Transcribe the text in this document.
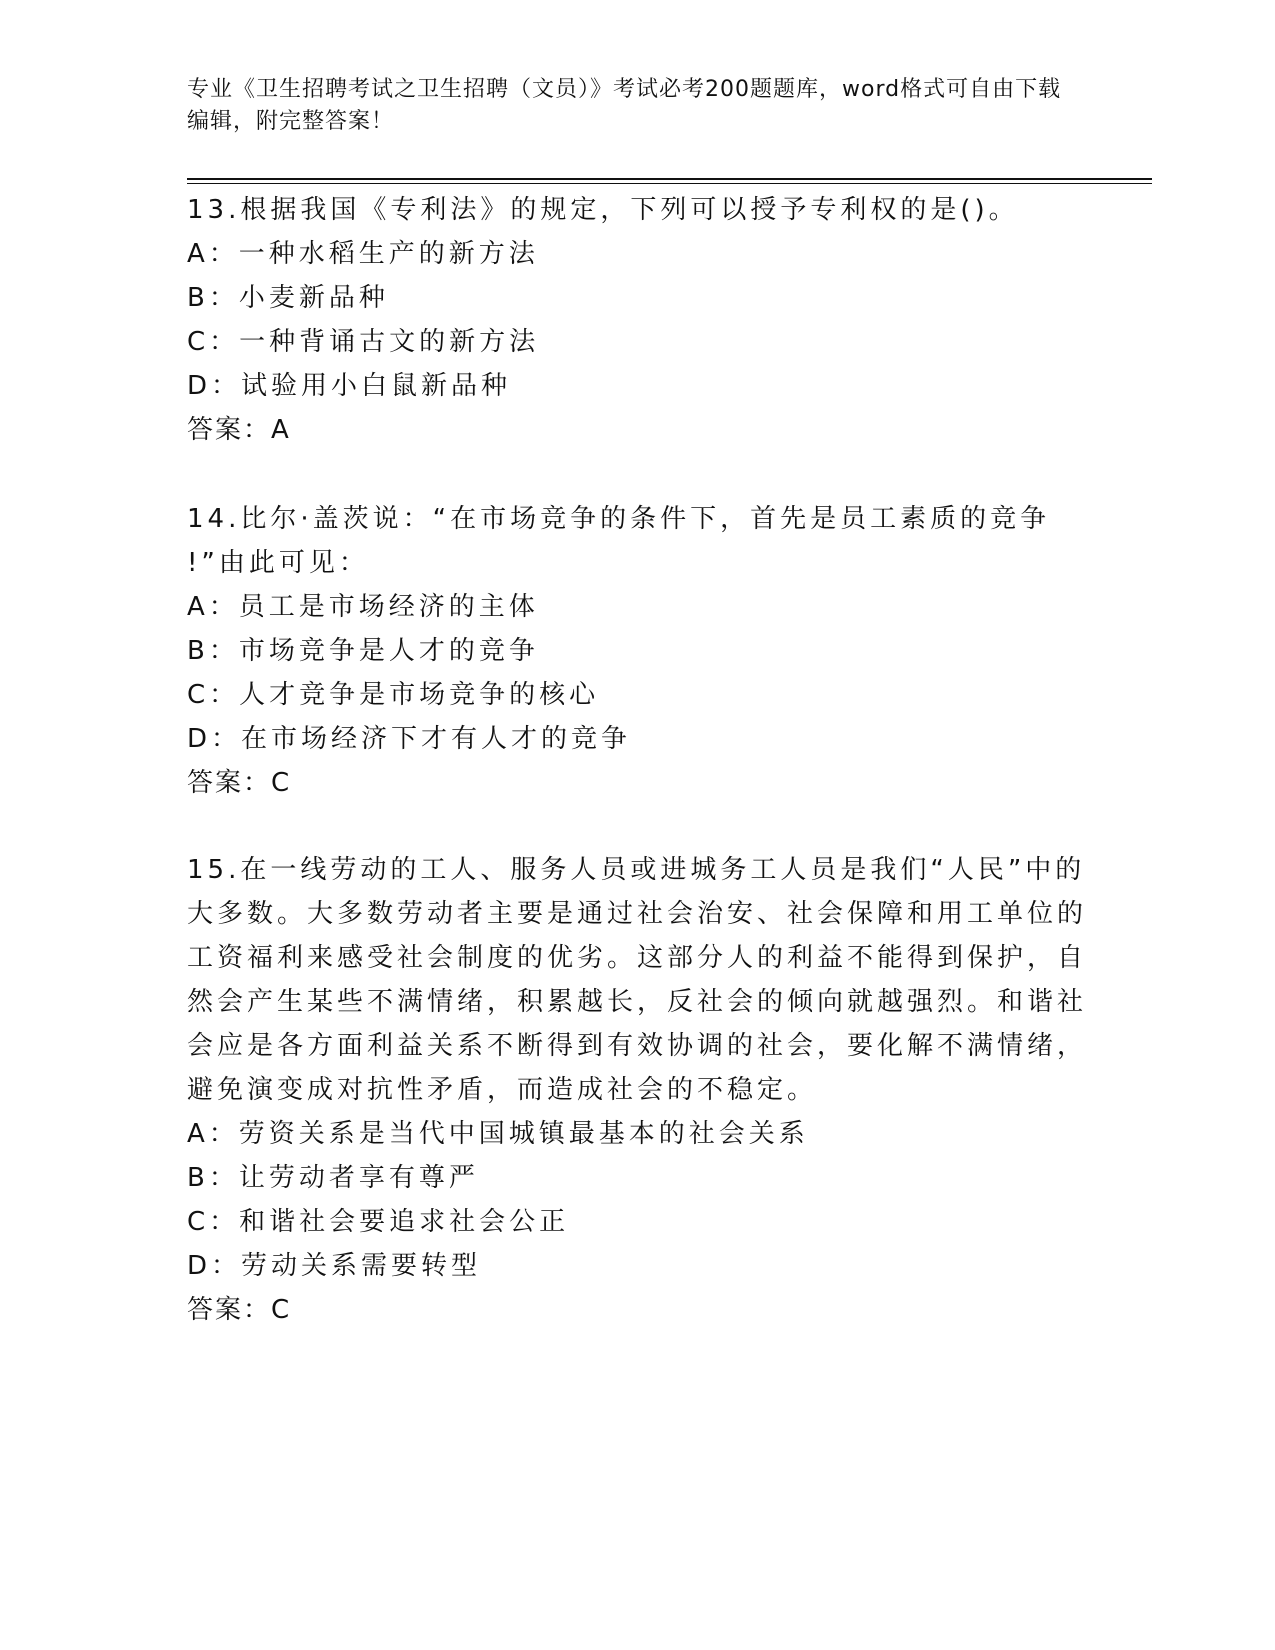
专业《卫生招聘考试之卫生招聘（文员）》考试必考200题题库，word格式可自由下载编辑，附完整答案！
13.根据我国《专利法》的规定，下列可以授予专利权的是()。
A：一种水稻生产的新方法
B：小麦新品种
C：一种背诵古文的新方法
D：试验用小白鼠新品种
答案：A
14.比尔·盖茨说：“在市场竞争的条件下，首先是员工素质的竞争
!”由此可见：
A：员工是市场经济的主体
B：市场竞争是人才的竞争
C：人才竞争是市场竞争的核心
D：在市场经济下才有人才的竞争
答案：C
15.在一线劳动的工人、服务人员或进城务工人员是我们“人民”中的
大多数。大多数劳动者主要是通过社会治安、社会保障和用工单位的
工资福利来感受社会制度的优劣。这部分人的利益不能得到保护，自
然会产生某些不满情绪，积累越长，反社会的倾向就越强烈。和谐社
会应是各方面利益关系不断得到有效协调的社会，要化解不满情绪，
避免演变成对抗性矛盾，而造成社会的不稳定。
A：劳资关系是当代中国城镇最基本的社会关系
B：让劳动者享有尊严
C：和谐社会要追求社会公正
D：劳动关系需要转型
答案：C
